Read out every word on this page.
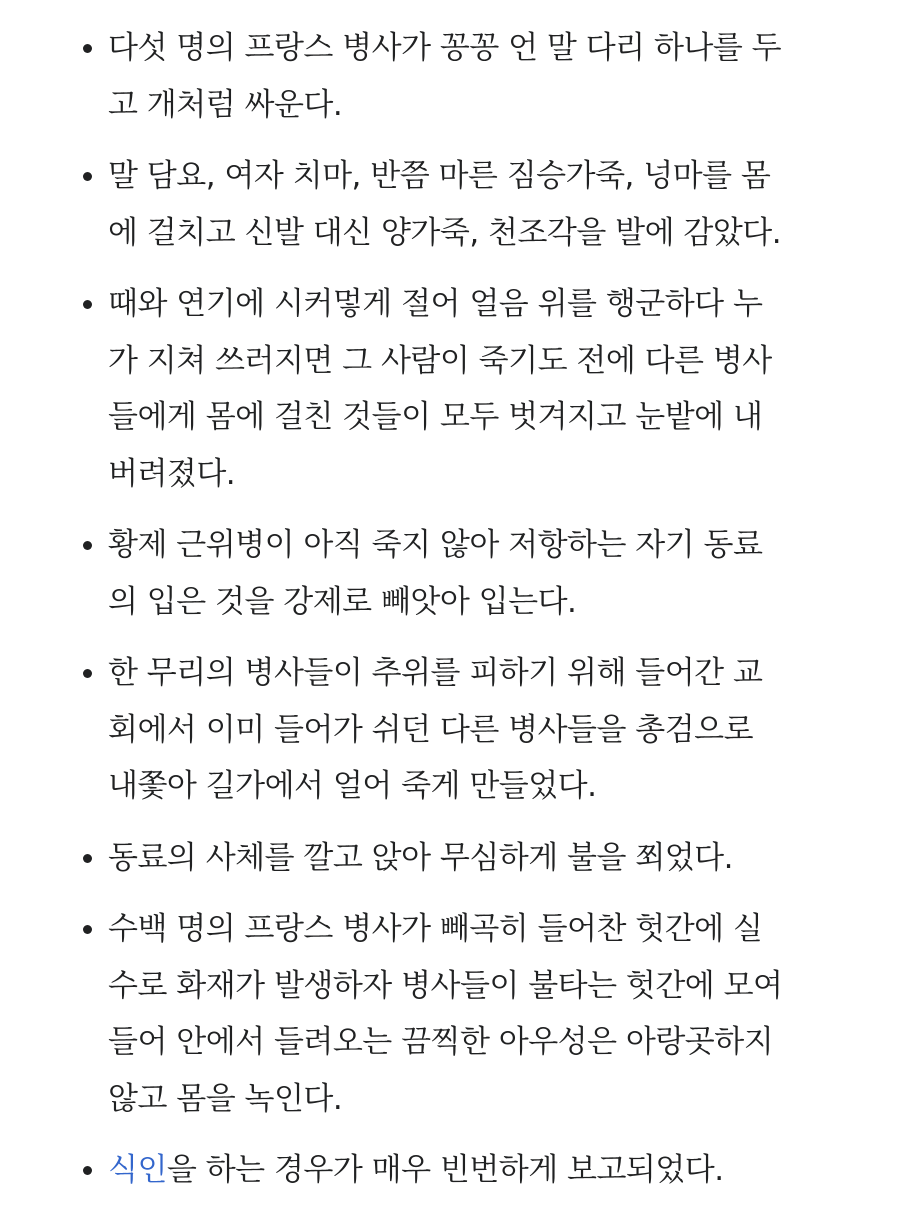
다섯 명의 프랑스 병사가 꽁꽁 언 말 다리 하나를 두
고 개처럼 싸운다.
말 담요, 여자 치마, 반쯤 마른 짐승가죽, 넝마를 몸
에 걸치고 신발 대신 양가죽, 천조각을 발에 감았다.
때와 연기에 시커멓게 절어 얼음 위를 행군하다 누
가 지쳐 쓰러지면 그 사람이 죽기도 전에 다른 병사
들에게 몸에 걸친 것들이 모두 벗겨지고 눈밭에 내
버려졌다.
황제 근위병이 아직 죽지 않아 저항하는 자기 동료
의 입은 것을 강제로 빼앗아 입는다.
한 무리의 병사들이 추위를 피하기 위해 들어간 교
회에서 이미 들어가 쉬던 다른 병사들을 총검으로
내쫓아 길가에서 얼어 죽게 만들었다.
동료의 사체를 깔고 앉아 무심하게 불을 쬐었다.
수백 명의 프랑스 병사가 빼곡히 들어찬 헛간에 실
수로 화재가 발생하자 병사들이 불타는 헛간에 모여
들어 안에서 들려오는 끔찍한 아우성은 아랑곳하지
않고 몸을 녹인다.
식인을 하는 경우가 매우 빈번하게 보고되었다.
